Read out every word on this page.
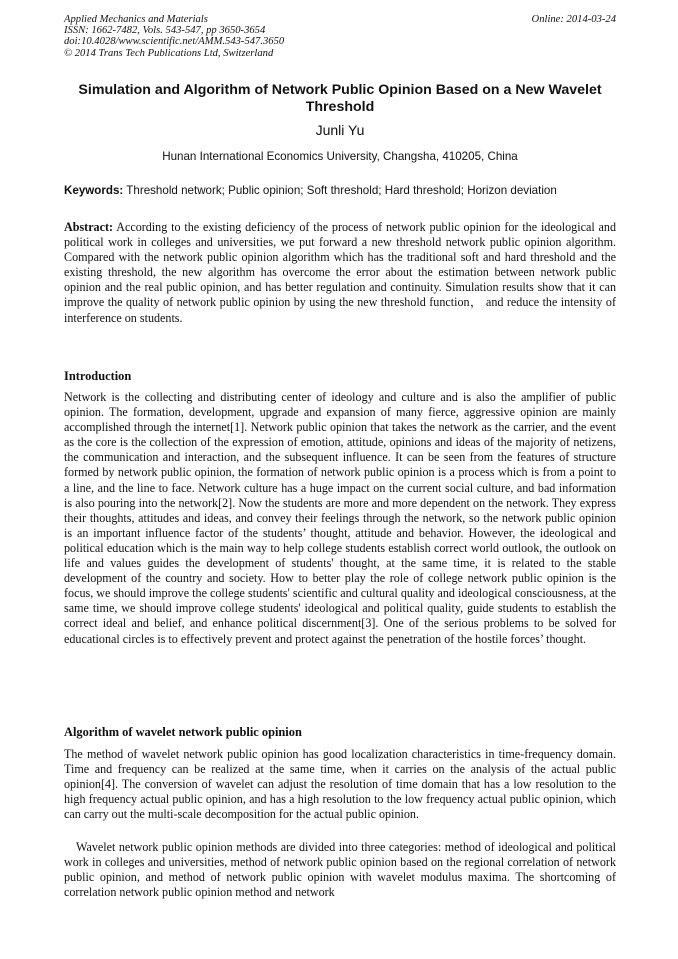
Applied Mechanics and Materials
ISSN: 1662-7482, Vols. 543-547, pp 3650-3654
doi:10.4028/www.scientific.net/AMM.543-547.3650
© 2014 Trans Tech Publications Ltd, Switzerland
Online: 2014-03-24
Simulation and Algorithm of Network Public Opinion Based on a New Wavelet Threshold
Junli Yu
Hunan International Economics University, Changsha, 410205, China
Keywords: Threshold network; Public opinion; Soft threshold; Hard threshold; Horizon deviation
Abstract: According to the existing deficiency of the process of network public opinion for the ideological and political work in colleges and universities, we put forward a new threshold network public opinion algorithm. Compared with the network public opinion algorithm which has the traditional soft and hard threshold and the existing threshold, the new algorithm has overcome the error about the estimation between network public opinion and the real public opinion, and has better regulation and continuity. Simulation results show that it can improve the quality of network public opinion by using the new threshold function， and reduce the intensity of interference on students.
Introduction
Network is the collecting and distributing center of ideology and culture and is also the amplifier of public opinion. The formation, development, upgrade and expansion of many fierce, aggressive opinion are mainly accomplished through the internet[1]. Network public opinion that takes the network as the carrier, and the event as the core is the collection of the expression of emotion, attitude, opinions and ideas of the majority of netizens, the communication and interaction, and the subsequent influence. It can be seen from the features of structure formed by network public opinion, the formation of network public opinion is a process which is from a point to a line, and the line to face. Network culture has a huge impact on the current social culture, and bad information is also pouring into the network[2]. Now the students are more and more dependent on the network. They express their thoughts, attitudes and ideas, and convey their feelings through the network, so the network public opinion is an important influence factor of the students’ thought, attitude and behavior. However, the ideological and political education which is the main way to help college students establish correct world outlook, the outlook on life and values guides the development of students' thought, at the same time, it is related to the stable development of the country and society. How to better play the role of college network public opinion is the focus, we should improve the college students' scientific and cultural quality and ideological consciousness, at the same time, we should improve college students' ideological and political quality, guide students to establish the correct ideal and belief, and enhance political discernment[3]. One of the serious problems to be solved for educational circles is to effectively prevent and protect against the penetration of the hostile forces’ thought.
Algorithm of wavelet network public opinion
The method of wavelet network public opinion has good localization characteristics in time-frequency domain. Time and frequency can be realized at the same time, when it carries on the analysis of the actual public opinion[4]. The conversion of wavelet can adjust the resolution of time domain that has a low resolution to the high frequency actual public opinion, and has a high resolution to the low frequency actual public opinion, which can carry out the multi-scale decomposition for the actual public opinion.
Wavelet network public opinion methods are divided into three categories: method of ideological and political work in colleges and universities, method of network public opinion based on the regional correlation of network public opinion, and method of network public opinion with wavelet modulus maxima. The shortcoming of correlation network public opinion method and network
